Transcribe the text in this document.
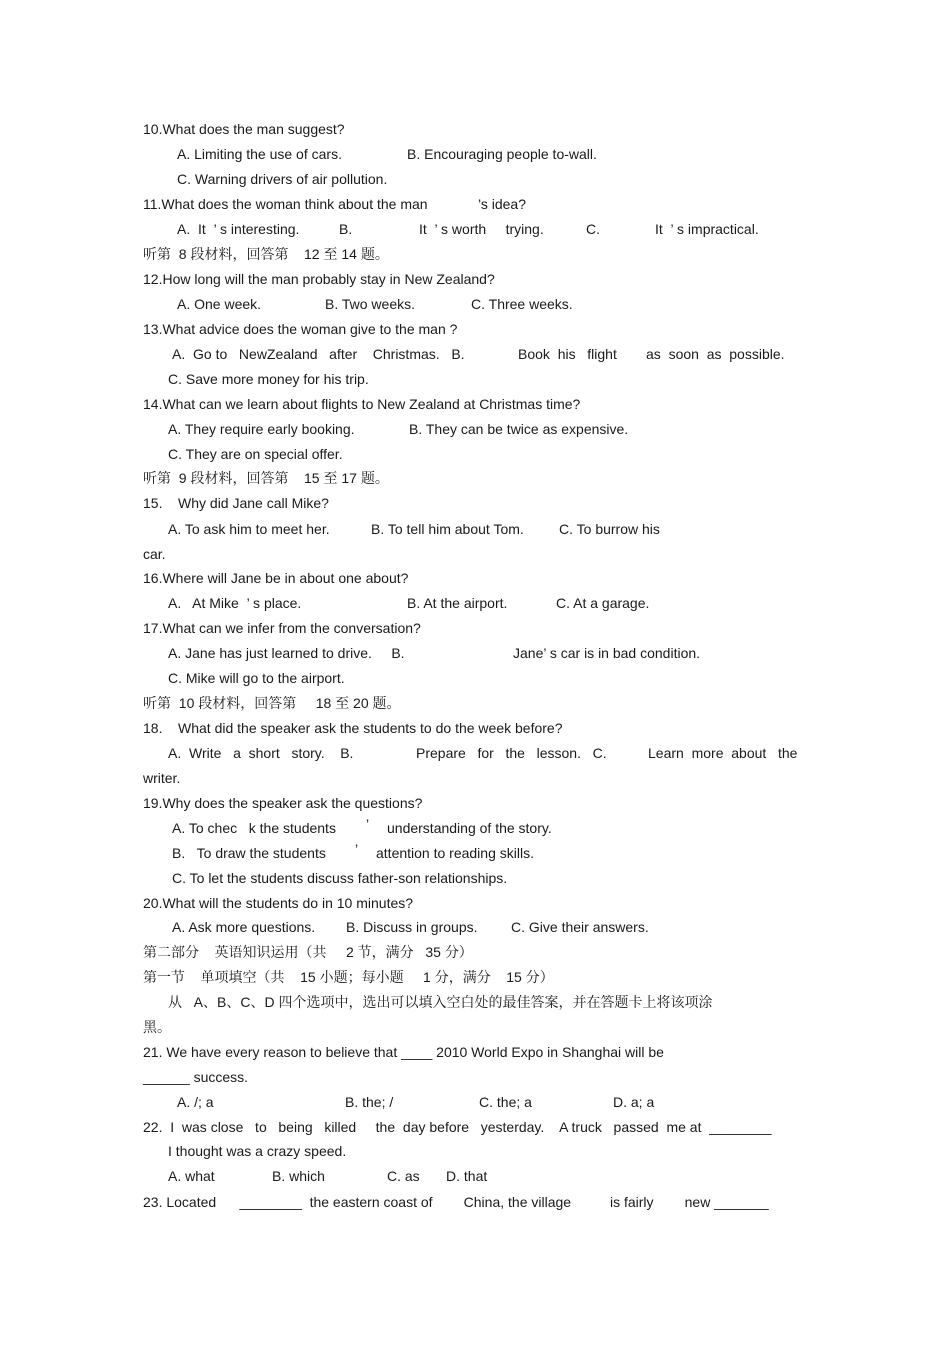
10.What does the man suggest?
A. Limiting the use of cars.	B. Encouraging people to-wall.
C. Warning drivers of air pollution.
11.What does the woman think about the man	’s idea?
A.  It  ’ s interesting.	B.	It  ’ s worth     trying.	C.	It  ’ s impractical.
听第  8 段材料，回答第    12 至 14 题。
12.How long will the man probably stay in New Zealand?
A. One week.	B. Two weeks.	C. Three weeks.
13.What advice does the woman give to the man ?
A.  Go to   NewZealand   after    Christmas.   B.	Book  his   flight as  soon  as  possible.
C. Save more money for his trip.
14.What can we learn about flights to New Zealand at Christmas time?
A. They require early booking.	B. They can be twice as expensive.
C. They are on special offer.
听第  9 段材料，回答第    15 至 17 题。
15.    Why did Jane call Mike?
A. To ask him to meet her.	B. To tell him about Tom.	C. To burrow his
car.
16.Where will Jane be in about one about?
A.   At Mike  ’ s place.	B. At the airport.	C. At a garage.
17.What can we infer from the conversation?
A. Jane has just learned to drive.     B.	Jane’ s car is in bad condition.
C. Mike will go to the airport.
听第  10 段材料，回答第     18 至 20 题。
18.    What did the speaker ask the students to do the week before?
A.  Write   a  short   story.    B.	Prepare   for   the   lesson.   C.	Learn  more  about   the
writer.
19.Why does the speaker ask the questions?
A. To chec   k the students ’ understanding of the story.
B.   To draw the students ’ attention to reading skills.
C. To let the students discuss father-son relationships.
20.What will the students do in 10 minutes?
A. Ask more questions. B. Discuss in groups. C. Give their answers.
第二部分    英语知识运用（共     2 节，满分   35 分）
第一节    单项填空（共    15 小题；每小题     1 分，满分    15 分）
从   A、B、C、D 四个选项中，选出可以填入空白处的最佳答案，并在答题卡上将该项涂
黑。
21. We have every reason to believe that ____ 2010 World Expo in Shanghai will be
______ success.
A. /; a	B. the; /	C. the; a	D. a; a
22.  I  was close   to   being   killed     the  day before   yesterday.    A truck   passed  me at  ________
I thought was a crazy speed.
A. what	B. which	C. as D. that
23. Located      ________  the eastern coast of        China, the village          is fairly        new _______
